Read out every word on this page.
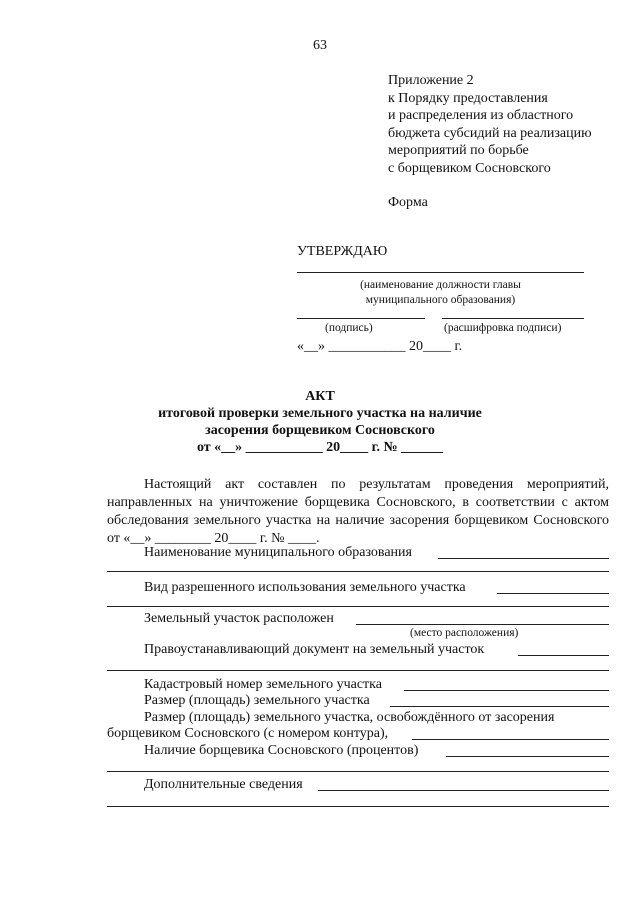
63
Приложение 2
к Порядку предоставления
и распределения из областного
бюджета субсидий на реализацию
мероприятий по борьбе
с борщевиком Сосновского
Форма
УТВЕРЖДАЮ
(наименование должности главы
муниципального образования)
(подпись)	(расшифровка подписи)
«__» ___________ 20____ г.
АКТ
итоговой проверки земельного участка на наличие
засорения борщевиком Сосновского
от «__» ___________ 20____ г. № ______
Настоящий акт составлен по результатам проведения мероприятий, направленных на уничтожение борщевика Сосновского, в соответствии с актом обследования земельного участка на наличие засорения борщевиком Сосновского от «__» ________ 20____ г. № ____.
Наименование муниципального образования
Вид разрешенного использования земельного участка
Земельный участок расположен
(место расположения)
Правоустанавливающий документ на земельный участок
Кадастровый номер земельного участка
Размер (площадь) земельного участка
Размер (площадь) земельного участка, освобождённого от засорения
борщевиком Сосновского (с номером контура),
Наличие борщевика Сосновского (процентов)
Дополнительные сведения
